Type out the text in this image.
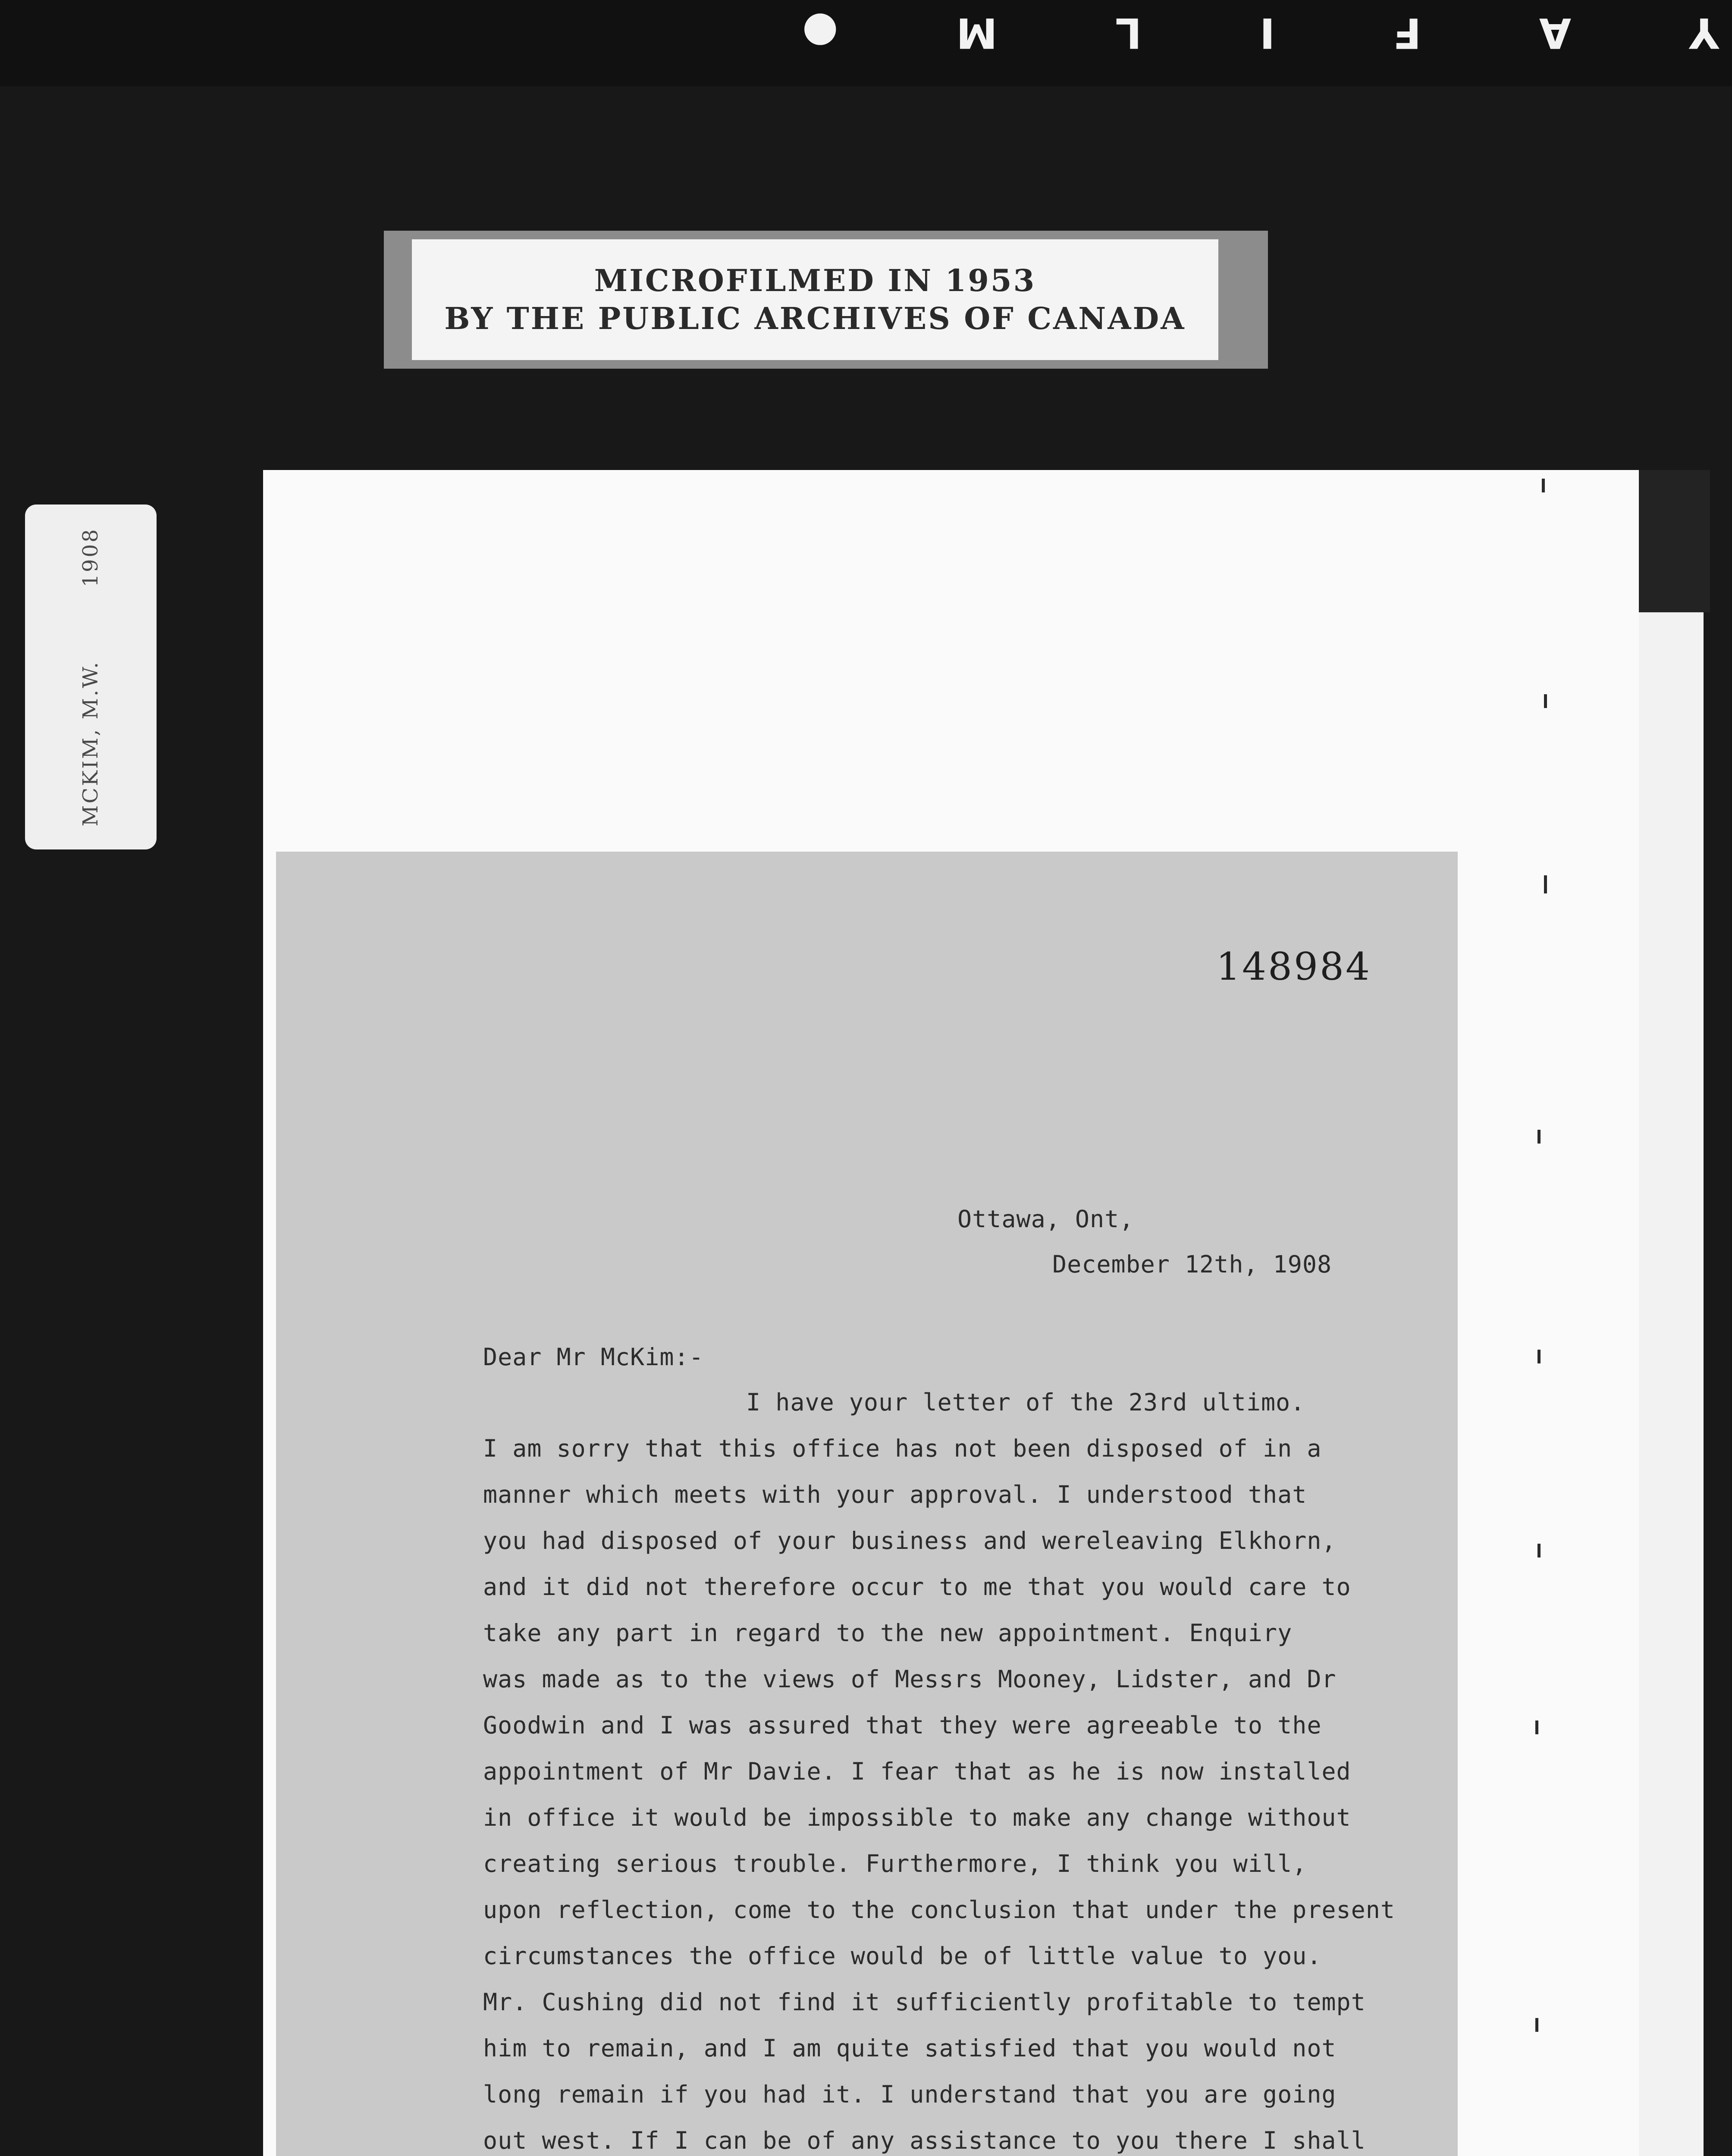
Y A F I L M ●
MICROFILMED IN 1953
BY THE PUBLIC ARCHIVES OF CANADA
MCKIM, M.W.1908
148984
Ottawa, Ont,
December 12th, 1908
Dear Mr McKim:-
I have your letter of the 23rd ultimo.
I am sorry that this office has not been disposed of in a
manner which meets with your approval. I understood that
you had disposed of your business and wereleaving Elkhorn,
and it did not therefore occur to me that you would care to
take any part in regard to the new appointment. Enquiry
was made as to the views of Messrs Mooney, Lidster, and Dr
Goodwin and I was assured that they were agreeable to the
appointment of Mr Davie. I fear that as he is now installed
in office it would be impossible to make any change without
creating serious trouble. Furthermore, I think you will,
upon reflection, come to the conclusion that under the present
circumstances the office would be of little value to you.
Mr. Cushing did not find it sufficiently profitable to tempt
him to remain, and I am quite satisfied that you would not
long remain if you had it. I understand that you are going
out west. If I can be of any assistance to you there I shall
